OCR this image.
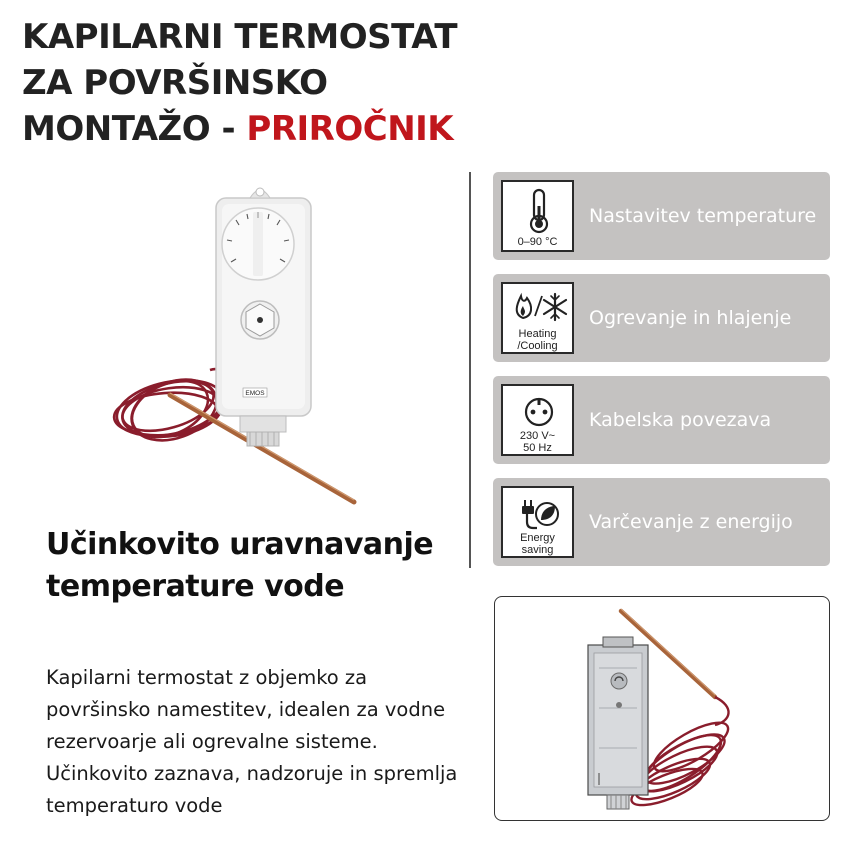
KAPILARNI TERMOSTAT
ZA POVRŠINSKO
MONTAŽO - PRIROČNIK
EMOS
Učinkovito uravnavanje
temperature vode
Kapilarni termostat z objemko za površinsko namestitev, idealen za vodne rezervoarje ali ogrevalne sisteme. Učinkovito zaznava, nadzoruje in spremlja temperaturo vode
0–90 °C
Nastavitev temperature
Heating
/Cooling
Ogrevanje in hlajenje
230 V~
50 Hz
Kabelska povezava
Energy
saving
Varčevanje z energijo
